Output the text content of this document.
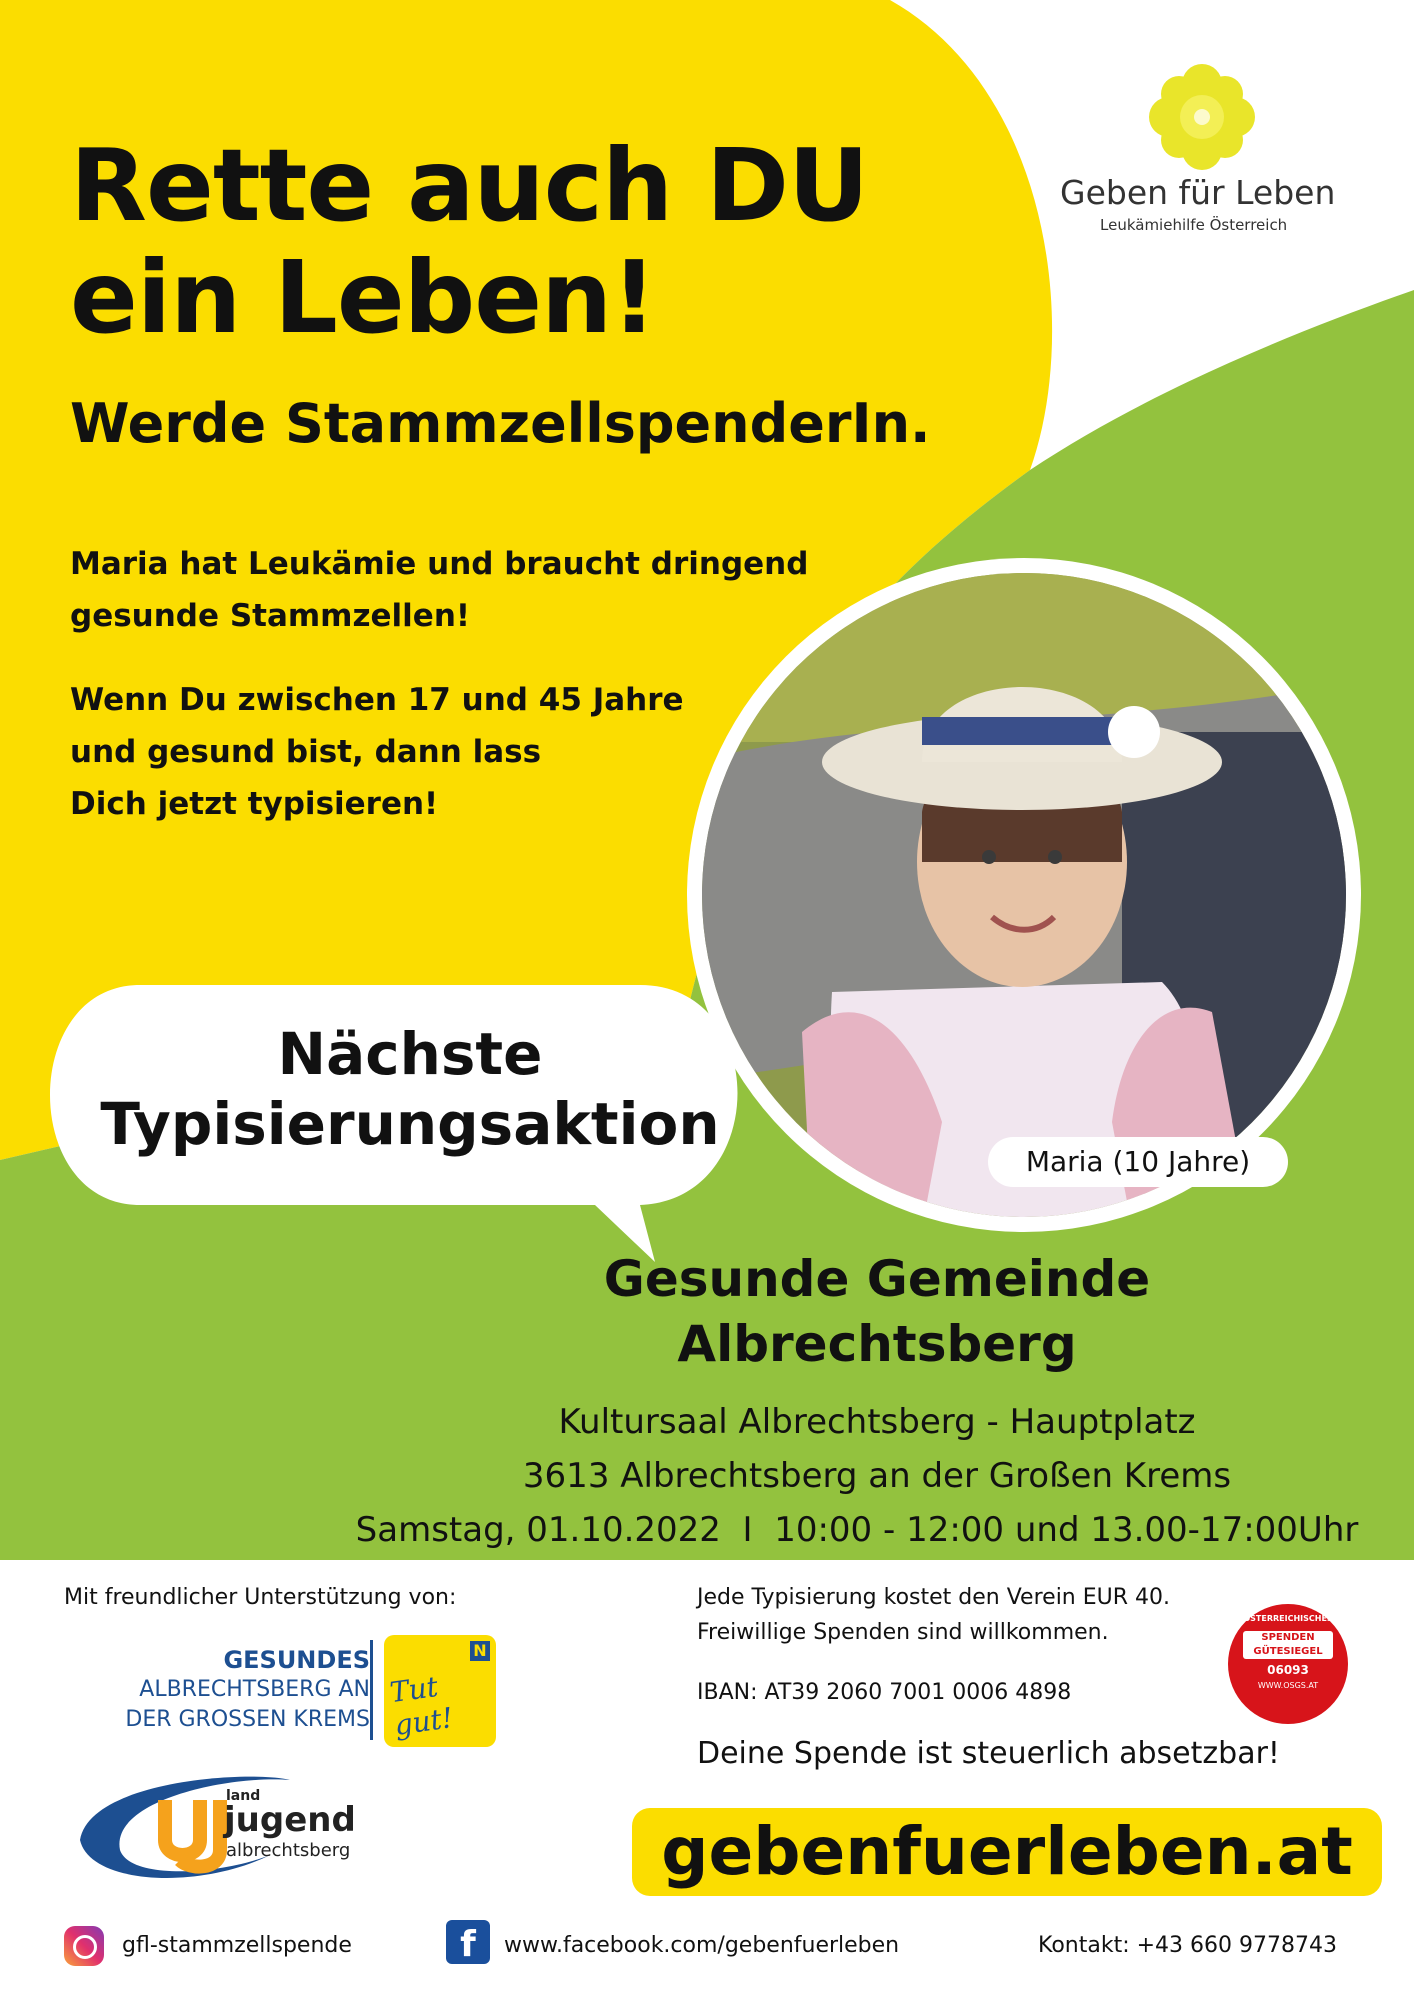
Geben für Leben
Leukämiehilfe Österreich
Rette auch DU
ein Leben!
Werde StammzellspenderIn.
Maria hat Leukämie und braucht dringend
gesunde Stammzellen!
Wenn Du zwischen 17 und 45 Jahre
und gesund bist, dann lass
Dich jetzt typisieren!
Maria (10 Jahre)
Nächste
Typisierungsaktion
Gesunde Gemeinde
Albrechtsberg
Kultursaal Albrechtsberg - Hauptplatz
3613 Albrechtsberg an der Großen Krems
Samstag, 01.10.2022  I  10:00 - 12:00 und 13.00-17:00Uhr
Mit freundlicher Unterstützung von:
GESUNDES
ALBRECHTSBERG AN
DER GROSSEN KREMS
N
Tut gut!
land
jugend
albrechtsberg
Jede Typisierung kostet den Verein EUR 40.
Freiwillige Spenden sind willkommen.
IBAN: AT39 2060 7001 0006 4898
Deine Spende ist steuerlich absetzbar!
ÖSTERREICHISCHES
SPENDEN
GÜTESIEGEL
06093
WWW.OSGS.AT
gebenfuerleben.at
gfl-stammzellspende	f	www.facebook.com/gebenfuerleben	Kontakt: +43 660 9778743
